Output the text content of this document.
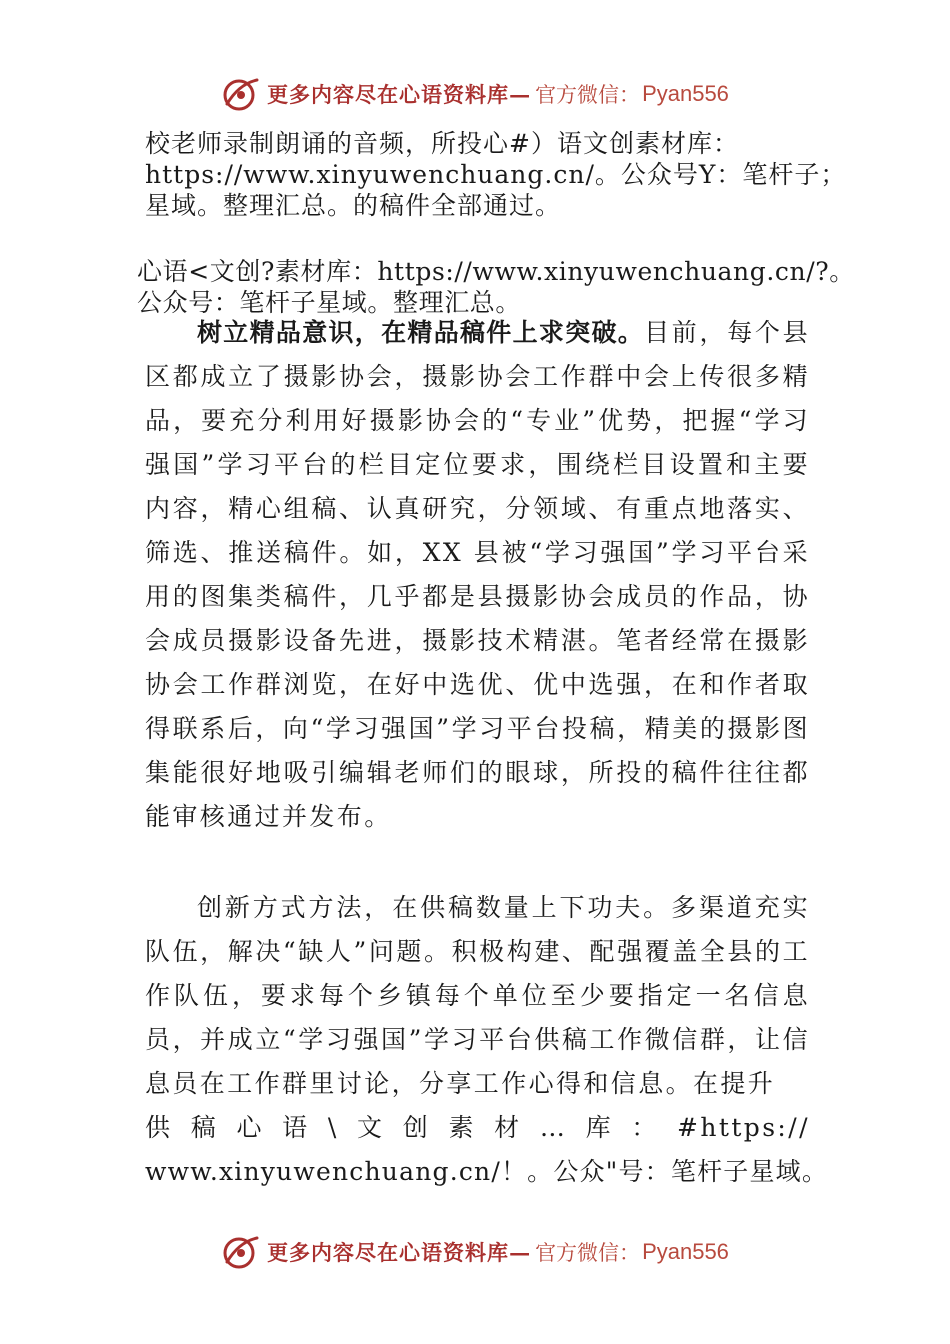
更多内容尽在心语资料库 — 官方微信： Pyan556
校老师录制朗诵的音频，所投心#）语文创素材库：
https://www.xinyuwenchuang.cn/。公众号Y：笔杆子；
星域。整理汇总。的稿件全部通过。
心语<文创?素材库：https://www.xinyuwenchuang.cn/?。
公众号：笔杆子星域。整理汇总。
树立精品意识，在精品稿件上求突破。目前，每个县区都成立了摄影协会，摄影协会工作群中会上传很多精品，要充分利用好摄影协会的“专业”优势，把握“学习强国”学习平台的栏目定位要求，围绕栏目设置和主要内容，精心组稿、认真研究，分领域、有重点地落实、筛选、推送稿件。如，XX 县被“学习强国”学习平台采用的图集类稿件，几乎都是县摄影协会成员的作品，协会成员摄影设备先进，摄影技术精湛。笔者经常在摄影协会工作群浏览，在好中选优、优中选强，在和作者取得联系后，向“学习强国”学习平台投稿，精美的摄影图集能很好地吸引编辑老师们的眼球，所投的稿件往往都能审核通过并发布。
创新方式方法，在供稿数量上下功夫。多渠道充实队伍，解决“缺人”问题。积极构建、配强覆盖全县的工作队伍，要求每个乡镇每个单位至少要指定一名信息员，并成立“学习强国”学习平台供稿工作微信群，让信息员在工作群里讨论，分享工作心得和信息。在提升
供 稿 心 语 \ 文 创 素 材 … 库 ： #https://
www.xinyuwenchuang.cn/！。公众"号：笔杆子星域。
更多内容尽在心语资料库 — 官方微信： Pyan556
